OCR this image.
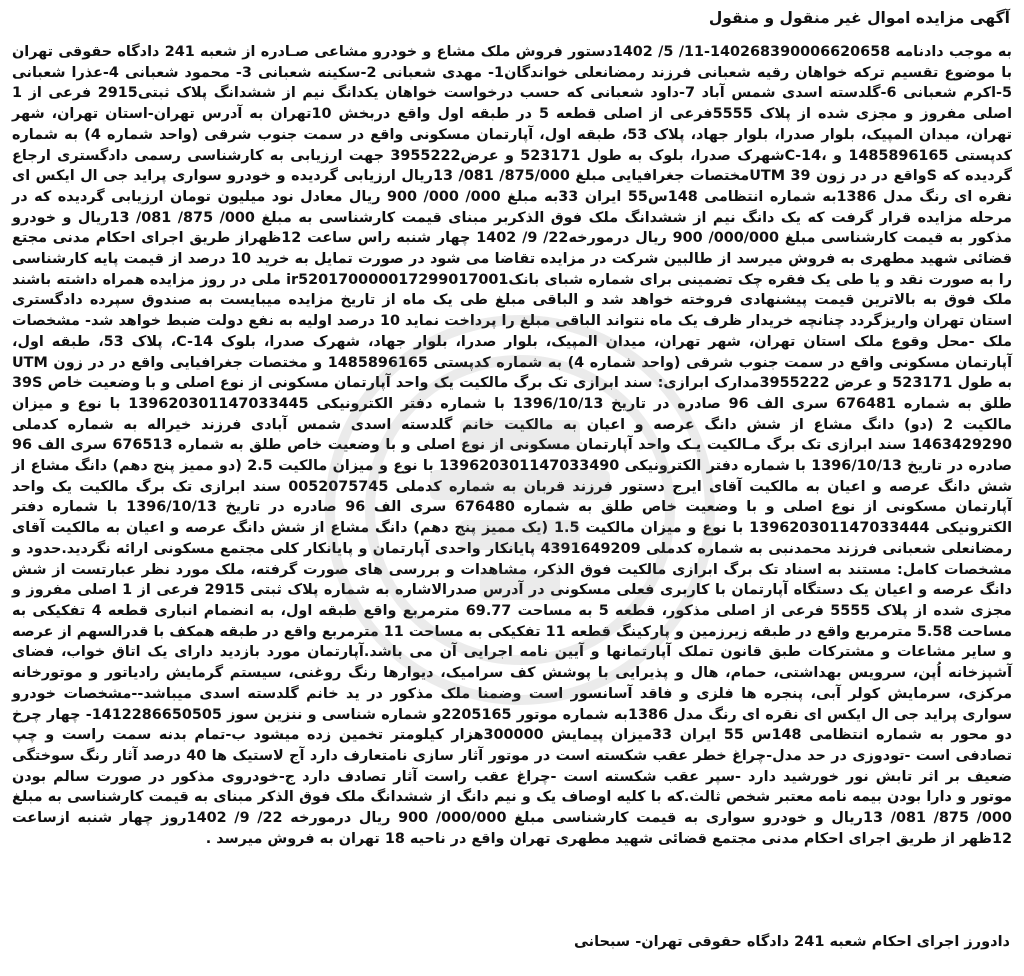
آگهی مزایده اموال غیر منقول و منقول

به موجب دادنامه 140268390006620658-11/ 5/ 1402دستور فروش ملک مشاع و خودرو مشاعی صـادره از شعبه 241 دادگاه حقوقی تهران با موضوع تقسیم ترکه خواهان رقیه شعبانی فرزند رمضانعلی خواندگان1- مهدی شعبانی 2-سکینه شعبانی 3- محمود شعبانی 4-عذرا شعبانی 5-اکرم شعبانی 6-گلدسته اسدی شمس آباد 7-داود شعبانی که حسب درخواست خواهان یکدانگ نیم از ششدانگ پلاک ثبتی2915 فرعی از 1 اصلی مفروز و مجزی شده از پلاک 5555فرعی از اصلی قطعه 5 در طبقه اول واقع دربخش 10تهران به آدرس تهران-استان تهران، شهر تهران، میدان المپیک، بلوار صدرا، بلوار جهاد، پلاک 53، طبقه اول، آپارتمان مسکونی واقع در سمت جنوب شرقی (واحد شماره 4) به شماره کدپستی 1485896165 و ،14-Cشهرک صدرا، بلوک به طول 523171 و عرض3955222 جهت ارزیابی به کارشناسی رسمی دادگستری ارجاع گردیده که Sواقع در در زون UTM 39مختصات جغرافیایی مبلغ 875/000/ 081/ 13ریال ارزیابی گردیده و خودرو سواری پراید جی ال ایکس ای نقره ای رنگ مدل 1386به شماره انتظامی 148س55 ایران 33به مبلغ 000/ 000/ 900 ریال معادل نود میلیون تومان ارزیابی گردیده که در مرحله مزایده قرار گرفت که یک دانگ نیم از ششدانگ ملک فوق الذکربر مبنای قیمت کارشناسی به مبلغ 000/ 875/ 081/ 13ریال و خودرو مذکور به قیمت کارشناسی مبلغ 000/000/ 900 ریال درمورخه22/ 9/ 1402 چهار شنبه راس ساعت 12ظهراز طریق اجرای احکام مدنی مجتع قضائی شهید مطهری به فروش میرسد از طالبین شرکت در مزایده تقاضا می شود در صورت تمایل به خرید 10 درصد از قیمت پایه کارشناسی را به صورت نقد و یا طی یک فقره چک تضمینی برای شماره شبای بانکir520170000017299017001 ملی در روز مزایده همراه داشته باشند ملک فوق به بالاترین قیمت پیشنهادی فروخته خواهد شد و الباقی مبلغ طی یک ماه از تاریخ مزایده میبایست به صندوق سپرده دادگستری استان تهران واریزگردد چنانچه خریدار ظرف یک ماه نتواند الباقی مبلغ را پرداخت نماید 10 درصد اولیه به نفع دولت ضبط خواهد شد- مشخصات ملک -محل وقوع ملک استان تهران، شهر تهران، میدان المپیک، بلوار صدرا، بلوار جهاد، شهرک صدرا، بلوک C-14، پلاک 53، طبقه اول، آپارتمان مسکونی واقع در سمت جنوب شرقی (واحد شماره 4) به شماره کدپستی 1485896165 و مختصات جغرافیایی واقع در در زون UTM به طول 523171 و عرض 3955222مدارک ابرازی: سند ابرازی تک برگ مالکیت یک واحد آپارتمان مسکونی از نوع اصلی و با وضعیت خاص 39S طلق به شماره 676481 سری الف 96 صادره در تاریخ 1396/10/13 با شماره دفتر الکترونیکی 139620301147033445 با نوع و میزان مالکیت 2 (دو) دانگ مشاع از شش دانگ عرصه و اعیان به مالکیت خانم گلدسته اسدی شمس آبادی فرزند خیراله به شماره کدملی 1463429290 سند ابرازی تک برگ مـالکیت یـک واحد آپارتمان مسکونی از نوع اصلی و با وضعیت خاص طلق به شماره 676513 سری الف 96 صادره در تاریخ 1396/10/13 با شماره دفتر الکترونیکی 139620301147033490 با نوع و میزان مالکیت 2.5 (دو ممیز پنج دهم) دانگ مشاع از شش دانگ عرصه و اعیان به مالکیت آقای ایرج دستور فرزند قربان به شماره کدملی 0052075745 سند ابرازی تک برگ مالکیت یک واحد آپارتمان مسکونی از نوع اصلی و با وضعیت خاص طلق به شماره 676480 سری الف 96 صادره در تاریخ 1396/10/13 با شماره دفتر الکترونیکی 139620301147033444 با نوع و میزان مالکیت 1.5 (یک ممیز پنج دهم) دانگ مشاع از شش دانگ عرصه و اعیان به مالکیت آقای رمضانعلی شعبانی فرزند محمدنبی به شماره کدملی 4391649209 پایانکار واحدی آپارتمان و پایانکار کلی مجتمع مسکونی ارائه نگردید.حدود و مشخصات کامل: مستند به اسناد تک برگ ابرازی مالکیت فوق الذکر، مشاهدات و بررسی های صورت گرفته، ملک مورد نظر عبارتست از شش دانگ عرصه و اعیان یک دستگاه آپارتمان با کاربری فعلی مسکونی در آدرس صدرالاشاره به شماره پلاک ثبتی 2915 فرعی از 1 اصلی مفروز و مجزی شده از پلاک 5555 فرعی از اصلی مذکور، قطعه 5 به مساحت 69.77 مترمربع واقع طبقه اول، به انضمام انباری قطعه 4 تفکیکی به مساحت 5.58 مترمربع واقع در طبقه زیرزمین و پارکینگ قطعه 11 تفکیکی به مساحت 11 مترمربع واقع در طبقه همکف با قدرالسهم از عرصه و سایر مشاعات و مشترکات طبق قانون تملک آپارتمانها و آیین نامه اجرایی آن می باشد.آپارتمان مورد بازدید دارای یک اتاق خواب، فضای آشپزخانه اُپن، سرویس بهداشتی، حمام، هال و پذیرایی با پوشش کف سرامیک، دیوارها رنگ روغنی، سیستم گرمایش رادیاتور و موتورخانه مرکزی، سرمایش کولر آبی، پنجره ها فلزی و فاقد آسانسور است وضمنا ملک مذکور در ید خانم گلدسته اسدی میباشد--مشخصات خودرو سواری پراید جی ال ایکس ای نقره ای رنگ مدل 1386به شماره موتور 2205165و شماره شناسی و ننزین سوز 1412286650505- چهار چرخ دو محور به شماره انتظامی 148س 55 ایران 33میزان پیمایش 300000هزار کیلومتر تخمین زده میشود ب-تمام بدنه سمت راست و چپ تصادفی است -تودوزی در حد مدل-چراغ خطر عقب شکسته است در موتور آثار سازی نامتعارف دارد آج لاستیک ها 40 درصد آثار رنگ سوختگی ضعیف بر اثر تابش نور خورشید دارد -سپر عقب شکسته است -چراغ عقب راست آثار تصادف دارد ج-خودروی مذکور در صورت سالم بودن موتور و دارا بودن بیمه نامه معتبر شخص ثالث.که با کلیه اوصاف یک و نیم دانگ از ششدانگ ملک فوق الذکر مبنای به قیمت کارشناسی به مبلغ 000/ 875/ 081/ 13ریال و خودرو سواری به قیمت کارشناسی مبلغ 000/000/ 900 ریال درمورخه 22/ 9/ 1402روز چهار شنبه ازساعت 12ظهر از طریق اجرای احکام مدنی مجتمع قضائی شهید مطهری تهران واقع در ناحیه 18 تهران به فروش میرسد .

دادورز اجرای احکام شعبه 241 دادگاه حقوقی تهران- سبحانی
